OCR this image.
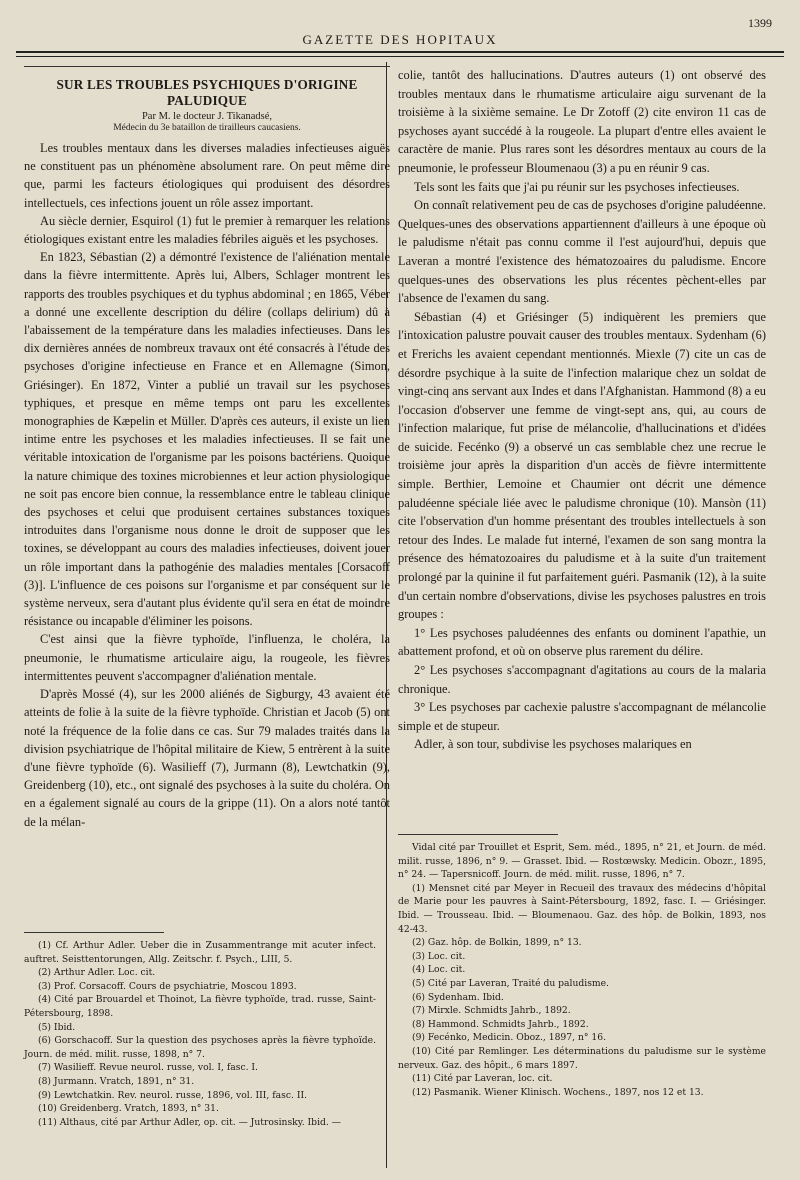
GAZETTE DES HOPITAUX
1399
SUR LES TROUBLES PSYCHIQUES D'ORIGINE PALUDIQUE

Par M. le docteur J. Tikanadsé,

Médecin du 3e bataillon de tirailleurs caucasiens.

Les troubles mentaux dans les diverses maladies infectieuses aiguës ne constituent pas un phénomène absolument rare. On peut même dire que, parmi les facteurs étiologiques qui produisent des désordres intellectuels, ces infections jouent un rôle assez important.

Au siècle dernier, Esquirol (1) fut le premier à remarquer les relations étiologiques existant entre les maladies fébriles aiguës et les psychoses.

En 1823, Sébastian (2) a démontré l'existence de l'aliénation mentale dans la fièvre intermittente. Après lui, Albers, Schlager montrent les rapports des troubles psychiques et du typhus abdominal ; en 1865, Véber a donné une excellente description du délire (collaps delirium) dû à l'abaissement de la température dans les maladies infectieuses. Dans les dix dernières années de nombreux travaux ont été consacrés à l'étude des psychoses d'origine infectieuse en France et en Allemagne (Simon, Griésinger). En 1872, Vinter a publié un travail sur les psychoses typhiques, et presque en même temps ont paru les excellentes monographies de Kæpelin et Müller. D'après ces auteurs, il existe un lien intime entre les psychoses et les maladies infectieuses. Il se fait une véritable intoxication de l'organisme par les poisons bactériens. Quoique la nature chimique des toxines microbiennes et leur action physiologique ne soit pas encore bien connue, la ressemblance entre le tableau clinique des psychoses et celui que produisent certaines substances toxiques introduites dans l'organisme nous donne le droit de supposer que les toxines, se développant au cours des maladies infectieuses, doivent jouer un rôle important dans la pathogénie des maladies mentales [Corsacoff (3)]. L'influence de ces poisons sur l'organisme et par conséquent sur le système nerveux, sera d'autant plus évidente qu'il sera en état de moindre résistance ou incapable d'éliminer les poisons.

C'est ainsi que la fièvre typhoïde, l'influenza, le choléra, la pneumonie, le rhumatisme articulaire aigu, la rougeole, les fièvres intermittentes peuvent s'accompagner d'aliénation mentale.

D'après Mossé (4), sur les 2000 aliénés de Sigburgy, 43 avaient été atteints de folie à la suite de la fièvre typhoïde. Christian et Jacob (5) ont noté la fréquence de la folie dans ce cas. Sur 79 malades traités dans la division psychiatrique de l'hôpital militaire de Kiew, 5 entrèrent à la suite d'une fièvre typhoïde (6). Wasilieff (7), Jurmann (8), Lewtchatkin (9), Greidenberg (10), etc., ont signalé des psychoses à la suite du choléra. On en a également signalé au cours de la grippe (11). On a alors noté tantôt de la mélan-

(1) Cf. Arthur Adler. Ueber die in Zusammentrange mit acuter infect. auftret. Seisttentorungen, Allg. Zeitschr. f. Psych., LIII, 5.

(2) Arthur Adler. Loc. cit.

(3) Prof. Corsacoff. Cours de psychiatrie, Moscou 1893.

(4) Cité par Brouardel et Thoinot, La fièvre typhoïde, trad. russe, Saint-Pétersbourg, 1898.

(5) Ibid.

(6) Gorschacoff. Sur la question des psychoses après la fièvre typhoïde. Journ. de méd. milit. russe, 1898, n° 7.

(7) Wasilieff. Revue neurol. russe, vol. I, fasc. I.

(8) Jurmann. Vratch, 1891, n° 31.

(9) Lewtchatkin. Rev. neurol. russe, 1896, vol. III, fasc. II.

(10) Greidenberg. Vratch, 1893, n° 31.

(11) Althaus, cité par Arthur Adler, op. cit. — Jutrosinsky. Ibid. —

colie, tantôt des hallucinations. D'autres auteurs (1) ont observé des troubles mentaux dans le rhumatisme articulaire aigu survenant de la troisième à la sixième semaine. Le Dr Zotoff (2) cite environ 11 cas de psychoses ayant succédé à la rougeole. La plupart d'entre elles avaient le caractère de manie. Plus rares sont les désordres mentaux au cours de la pneumonie, le professeur Bloumenaou (3) a pu en réunir 9 cas.

Tels sont les faits que j'ai pu réunir sur les psychoses infectieuses.

On connaît relativement peu de cas de psychoses d'origine paludéenne. Quelques-unes des observations appartiennent d'ailleurs à une époque où le paludisme n'était pas connu comme il l'est aujourd'hui, depuis que Laveran a montré l'existence des hématozoaires du paludisme. Encore quelques-unes des observations les plus récentes pèchent-elles par l'absence de l'examen du sang.

Sébastian (4) et Griésinger (5) indiquèrent les premiers que l'intoxication palustre pouvait causer des troubles mentaux. Sydenham (6) et Frerichs les avaient cependant mentionnés. Miexle (7) cite un cas de désordre psychique à la suite de l'infection malarique chez un soldat de vingt-cinq ans servant aux Indes et dans l'Afghanistan. Hammond (8) a eu l'occasion d'observer une femme de vingt-sept ans, qui, au cours de l'infection malarique, fut prise de mélancolie, d'hallucinations et d'idées de suicide. Fecénko (9) a observé un cas semblable chez une recrue le troisième jour après la disparition d'un accès de fièvre intermittente simple. Berthier, Lemoine et Chaumier ont décrit une démence paludéenne spéciale liée avec le paludisme chronique (10). Mansòn (11) cite l'observation d'un homme présentant des troubles intellectuels à son retour des Indes. Le malade fut interné, l'examen de son sang montra la présence des hématozoaires du paludisme et à la suite d'un traitement prolongé par la quinine il fut parfaitement guéri. Pasmanik (12), à la suite d'un certain nombre d'observations, divise les psychoses palustres en trois groupes :

1° Les psychoses paludéennes des enfants ou dominent l'apathie, un abattement profond, et où on observe plus rarement du délire.

2° Les psychoses s'accompagnant d'agitations au cours de la malaria chronique.

3° Les psychoses par cachexie palustre s'accompagnant de mélancolie simple et de stupeur.

Adler, à son tour, subdivise les psychoses malariques en

Vidal cité par Trouillet et Esprit, Sem. méd., 1895, n° 21, et Journ. de méd. milit. russe, 1896, n° 9. — Grasset. Ibid. — Rostœwsky. Medicin. Obozr., 1895, n° 24. — Tapersnicoff. Journ. de méd. milit. russe, 1896, n° 7.

(1) Mensnet cité par Meyer in Recueil des travaux des médecins d'hôpital de Marie pour les pauvres à Saint-Pétersbourg, 1892, fasc. I. — Griésinger. Ibid. — Trousseau. Ibid. — Bloumenaou. Gaz. des hôp. de Bolkin, 1893, nos 42-43.

(2) Gaz. hôp. de Bolkin, 1899, n° 13.

(3) Loc. cit.

(4) Loc. cit.

(5) Cité par Laveran, Traité du paludisme.

(6) Sydenham. Ibid.

(7) Mirxle. Schmidts Jahrb., 1892.

(8) Hammond. Schmidts Jahrb., 1892.

(9) Fecénko, Medicin. Oboz., 1897, n° 16.

(10) Cité par Remlinger. Les déterminations du paludisme sur le système nerveux. Gaz. des hôpit., 6 mars 1897.

(11) Cité par Laveran, loc. cit.

(12) Pasmanik. Wiener Klinisch. Wochens., 1897, nos 12 et 13.
